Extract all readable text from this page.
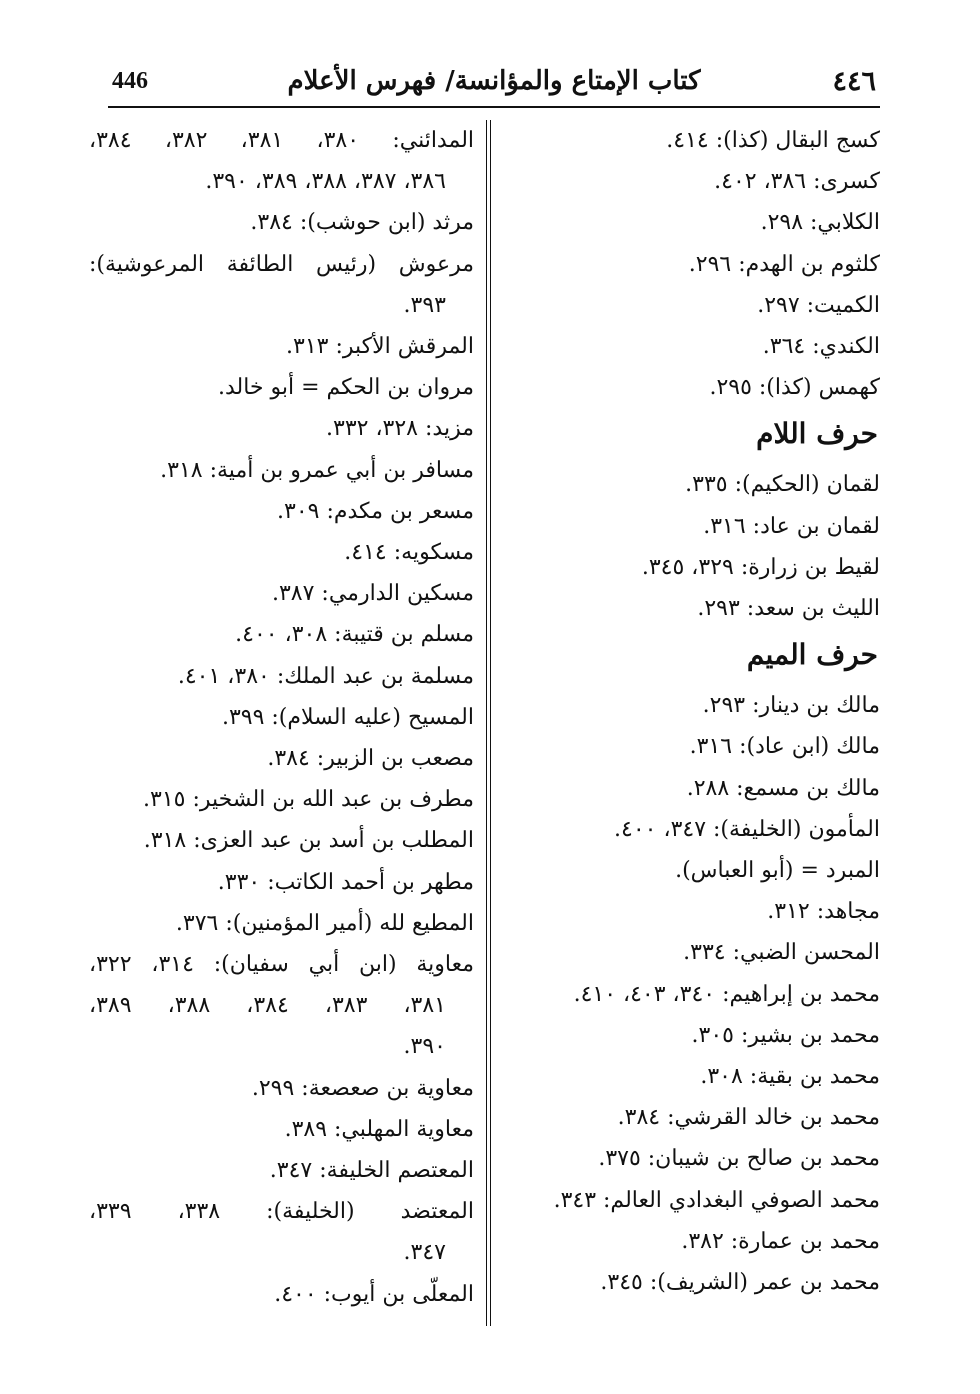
٤٤٦
كتاب الإمتاع والمؤانسة/ فهرس الأعلام
446
كسج البقال (كذا): ٤١٤.
كسرى: ٣٨٦، ٤٠٢.
الكلابي: ٢٩٨.
كلثوم بن الهدم: ٢٩٦.
الكميت: ٢٩٧.
الكندي: ٣٦٤.
كهمس (كذا): ٢٩٥.
حرف اللام
لقمان (الحكيم): ٣٣٥.
لقمان بن عاد: ٣١٦.
لقيط بن زرارة: ٣٢٩، ٣٤٥.
الليث بن سعد: ٢٩٣.
حرف الميم
مالك بن دينار: ٢٩٣.
مالك (ابن عاد): ٣١٦.
مالك بن مسمع: ٢٨٨.
المأمون (الخليفة): ٣٤٧، ٤٠٠.
المبرد = (أبو العباس).
مجاهد: ٣١٢.
المحسن الضبي: ٣٣٤.
محمد بن إبراهيم: ٣٤٠، ٤٠٣، ٤١٠.
محمد بن بشير: ٣٠٥.
محمد بن بقية: ٣٠٨.
محمد بن خالد القرشي: ٣٨٤.
محمد بن صالح بن شيبان: ٣٧٥.
محمد الصوفي البغدادي العالم: ٣٤٣.
محمد بن عمارة: ٣٨٢.
محمد بن عمر (الشريف): ٣٤٥.
المدائني: ٣٨٠، ٣٨١، ٣٨٢، ٣٨٤،
٣٨٦، ٣٨٧، ٣٨٨، ٣٨٩، ٣٩٠.
مرثد (ابن حوشب): ٣٨٤.
مرعوش (رئيس الطائفة المرعوشية):
٣٩٣.
المرقش الأكبر: ٣١٣.
مروان بن الحكم = أبو خالد.
مزيد: ٣٢٨، ٣٣٢.
مسافر بن أبي عمرو بن أمية: ٣١٨.
مسعر بن مكدم: ٣٠٩.
مسكويه: ٤١٤.
مسكين الدارمي: ٣٨٧.
مسلم بن قتيبة: ٣٠٨، ٤٠٠.
مسلمة بن عبد الملك: ٣٨٠، ٤٠١.
المسيح (عليه السلام): ٣٩٩.
مصعب بن الزبير: ٣٨٤.
مطرف بن عبد الله بن الشخير: ٣١٥.
المطلب بن أسد بن عبد العزى: ٣١٨.
مطهر بن أحمد الكاتب: ٣٣٠.
المطيع لله (أمير المؤمنين): ٣٧٦.
معاوية (ابن أبي سفيان): ٣١٤، ٣٢٢،
٣٨١، ٣٨٣، ٣٨٤، ٣٨٨، ٣٨٩،
٣٩٠.
معاوية بن صعصعة: ٢٩٩.
معاوية المهلبي: ٣٨٩.
المعتصم الخليفة: ٣٤٧.
المعتضد (الخليفة): ٣٣٨، ٣٣٩،
٣٤٧.
المعلّى بن أيوب: ٤٠٠.
